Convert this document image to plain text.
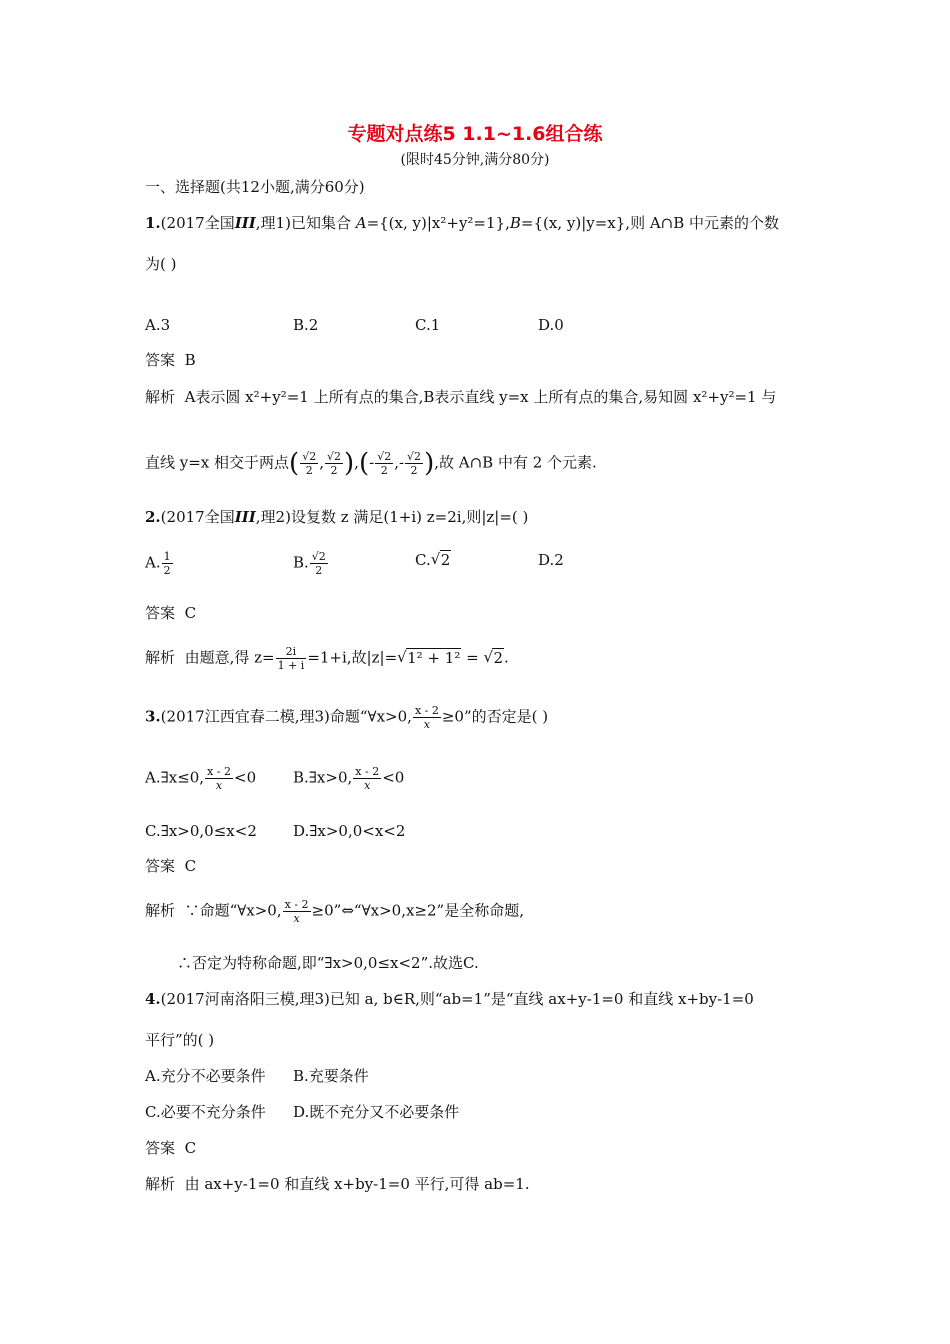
专题对点练5 1.1~1.6组合练
(限时45分钟,满分80分)
一、选择题(共12小题,满分60分)
1.(2017全国III,理1)已知集合 A={(x, y)|x²+y²=1},B={(x, y)|y=x},则 A∩B 中元素的个数
为( )
A.3	B.2	C.1	D.0
答案 B
解析 A表示圆 x²+y²=1 上所有点的集合,B表示直线 y=x 上所有点的集合,易知圆 x²+y²=1 与
直线 y=x 相交于两点( $\frac{√2}{2}$ , $\frac{√2}{2}$ ),(- $\frac{√2}{2}$ ,- $\frac{√2}{2}$ ),故 A∩B 中有 2 个元素.
2.(2017全国III,理2)设复数 z 满足(1+i) z=2i,则|z|=( )
A. $\frac{1}{2}$	B. $\frac{√2}{2}$	C. √ 2	D.2
答案 C
解析 由题意,得 $z= \frac{2i}{1 + i} =1+i$,故|z|= √ 1² + 1² = √ 2.
3.(2017江西宜春二模,理3)命题“∀x>0, $\frac{x - 2}{x} \ge 0$”的否定是( )
A.∃x≤0, $\frac{x - 2}{x} <0$ B.∃x>0, $\frac{x - 2}{x} <0$
C.∃x>0,0≤x<2 D.∃x>0,0<x<2
答案 C
解析 ∵命题“∀x>0, $\frac{x - 2}{x}$ ≥0”⇔“∀x>0,x≥2”是全称命题,
∴否定为特称命题,即“∃x>0,0≤x<2”.故选C.
4.(2017河南洛阳三模,理3)已知 a, b∈R,则“ab=1”是“直线 ax+y-1=0 和直线 x+by-1=0
平行”的( )
A.充分不必要条件 B.充要条件
C.必要不充分条件 D.既不充分又不必要条件
答案 C
解析 由 ax+y-1=0 和直线 x+by-1=0 平行,可得 ab=1.
